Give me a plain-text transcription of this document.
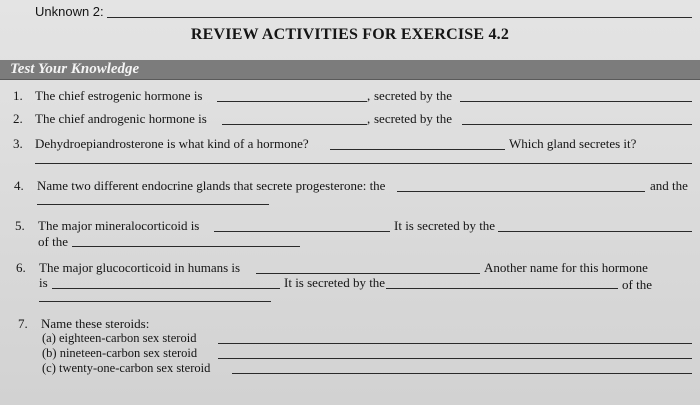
Unknown 2:
REVIEW ACTIVITIES FOR EXERCISE 4.2
Test Your Knowledge
1. The chief estrogenic hormone is	, secreted by the
2. The chief androgenic hormone is	, secreted by the
3. Dehydroepiandrosterone is what kind of a hormone?	Which gland secretes it?
4. Name two different endocrine glands that secrete progesterone: the	and the
5. The major mineralocorticoid is	It is secreted by the
of the
6. The major glucocorticoid in humans is	Another name for this hormone
is	It is secreted by the	of the
7. Name these steroids:
(a) eighteen-carbon sex steroid
(b) nineteen-carbon sex steroid
(c) twenty-one-carbon sex steroid
